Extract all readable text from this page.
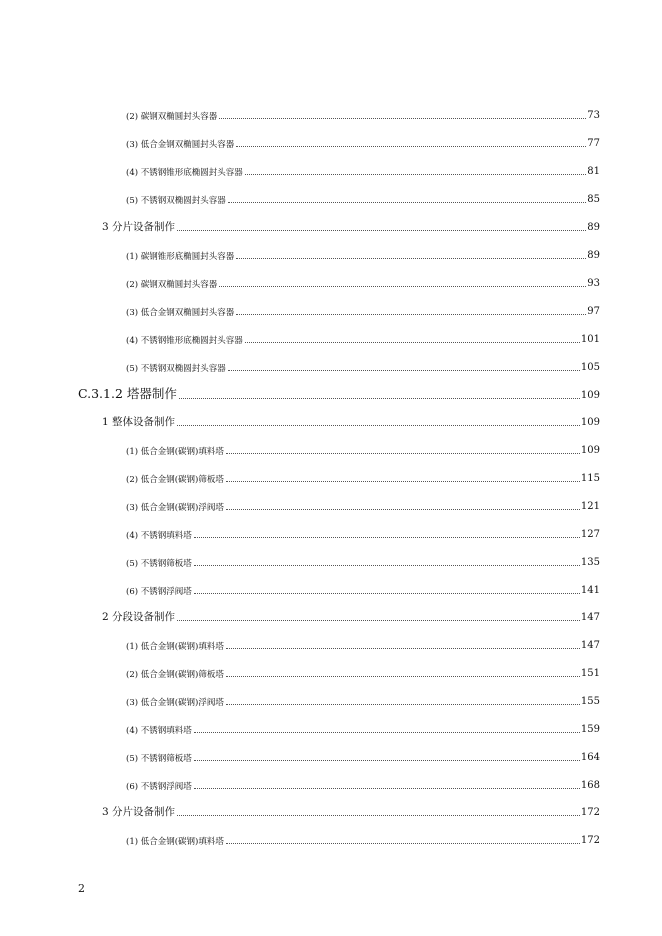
(2) 碳钢双椭圆封头容器	73
(3) 低合金钢双椭圆封头容器	77
(4) 不锈钢锥形底椭圆封头容器	81
(5) 不锈钢双椭圆封头容器	85
3 分片设备制作	89
(1) 碳钢锥形底椭圆封头容器	89
(2) 碳钢双椭圆封头容器	93
(3) 低合金钢双椭圆封头容器	97
(4) 不锈钢锥形底椭圆封头容器	101
(5) 不锈钢双椭圆封头容器	105
C.3.1.2 塔器制作	109
1 整体设备制作	109
(1) 低合金钢(碳钢)填料塔	109
(2) 低合金钢(碳钢)筛板塔	115
(3) 低合金钢(碳钢)浮阀塔	121
(4) 不锈钢填料塔	127
(5) 不锈钢筛板塔	135
(6) 不锈钢浮阀塔	141
2 分段设备制作	147
(1) 低合金钢(碳钢)填料塔	147
(2) 低合金钢(碳钢)筛板塔	151
(3) 低合金钢(碳钢)浮阀塔	155
(4) 不锈钢填料塔	159
(5) 不锈钢筛板塔	164
(6) 不锈钢浮阀塔	168
3 分片设备制作	172
(1) 低合金钢(碳钢)填料塔	172
2
